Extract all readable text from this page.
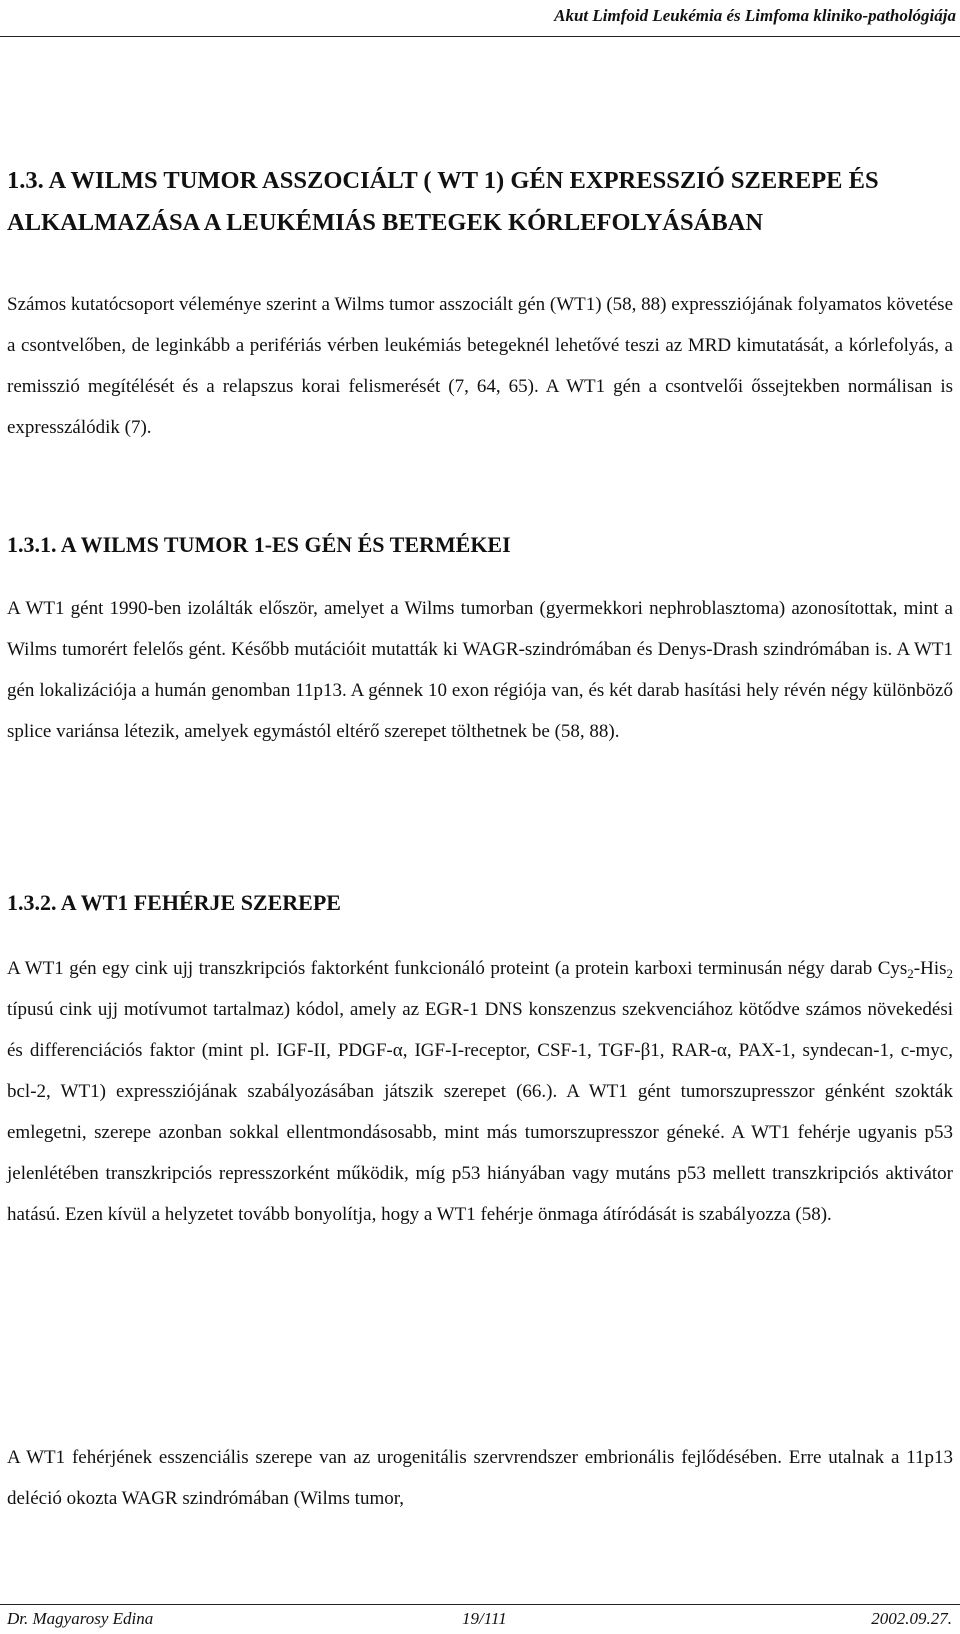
Akut Limfoid Leukémia és Limfoma kliniko-pathológiája
1.3. A WILMS TUMOR ASSZOCIÁLT ( WT 1) GÉN EXPRESSZIÓ SZEREPE ÉS ALKALMAZÁSA A LEUKÉMIÁS BETEGEK KÓRLEFOLYÁSÁBAN

Számos kutatócsoport véleménye szerint a Wilms tumor asszociált gén (WT1) (58, 88) expressziójának folyamatos követése a csontvelőben, de leginkább a perifériás vérben leukémiás betegeknél lehetővé teszi az MRD kimutatását, a kórlefolyás, a remisszió megítélését és a relapszus korai felismerését (7, 64, 65). A WT1 gén a csontvelői őssejtekben normálisan is expresszálódik (7).

1.3.1. A WILMS TUMOR 1-ES GÉN ÉS TERMÉKEI

A WT1 gént 1990-ben izolálták először, amelyet a Wilms tumorban (gyermekkori nephroblasztoma) azonosítottak, mint a Wilms tumorért felelős gént. Később mutációit mutatták ki WAGR-szindrómában és Denys-Drash szindrómában is. A WT1 gén lokalizációja a humán genomban 11p13. A génnek 10 exon régiója van, és két darab hasítási hely révén négy különböző splice variánsa létezik, amelyek egymástól eltérő szerepet tölthetnek be (58, 88).

1.3.2. A WT1 FEHÉRJE SZEREPE

A WT1 gén egy cink ujj transzkripciós faktorként funkcionáló proteint (a protein karboxi terminusán négy darab Cys$_2$-His$_2$ típusú cink ujj motívumot tartalmaz) kódol, amely az EGR-1 DNS konszenzus szekvenciához kötődve számos növekedési és differenciációs faktor (mint pl. IGF-II, PDGF-α, IGF-I-receptor, CSF-1, TGF-β1, RAR-α, PAX-1, syndecan-1, c-myc, bcl-2, WT1) expressziójának szabályozásában játszik szerepet (66.). A WT1 gént tumorszupresszor génként szokták emlegetni, szerepe azonban sokkal ellentmondásosabb, mint más tumorszupresszor géneké. A WT1 fehérje ugyanis p53 jelenlétében transzkripciós represszorként működik, míg p53 hiányában vagy mutáns p53 mellett transzkripciós aktivátor hatású. Ezen kívül a helyzetet tovább bonyolítja, hogy a WT1 fehérje önmaga átíródását is szabályozza (58).

A WT1 fehérjének esszenciális szerepe van az urogenitális szervrendszer embrionális fejlődésében. Erre utalnak a 11p13 deléció okozta WAGR szindrómában (Wilms tumor,

Dr. Magyarosy Edina	19/111	2002.09.27.
